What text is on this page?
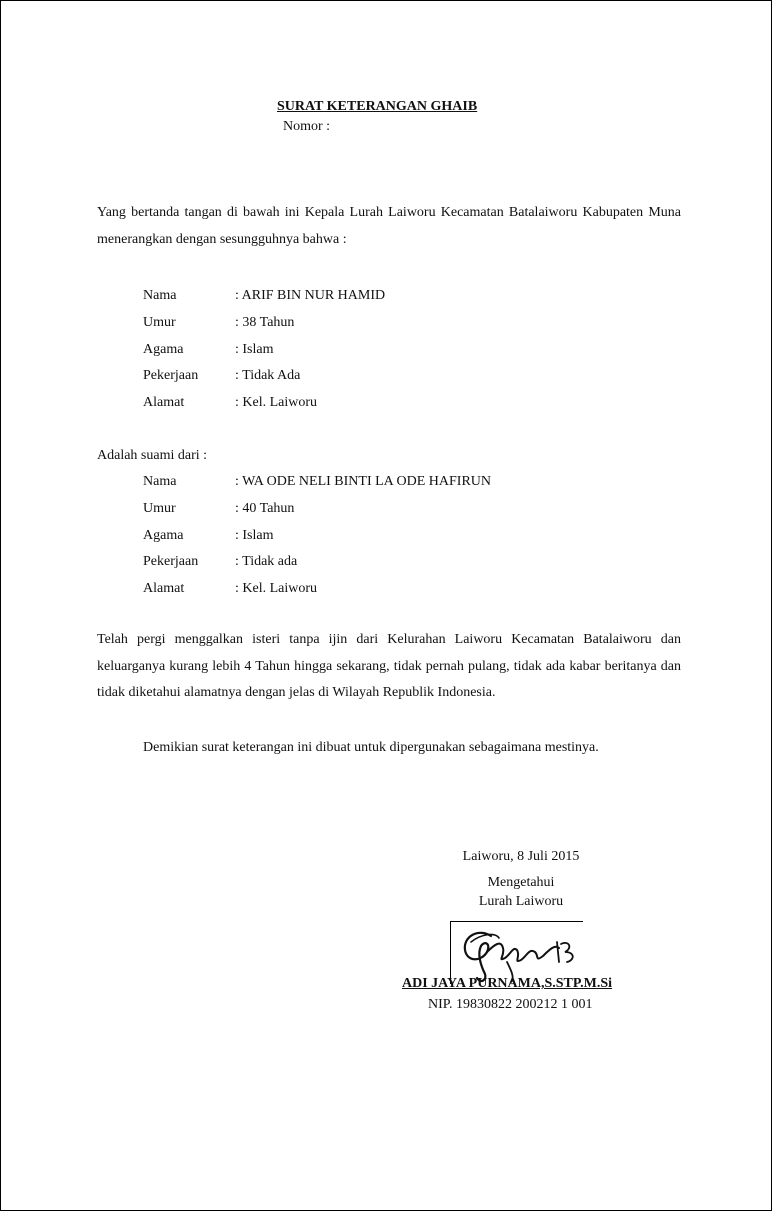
SURAT KETERANGAN GHAIB
Nomor :
Yang bertanda tangan di bawah ini Kepala Lurah Laiworu Kecamatan Batalaiworu Kabupaten Muna menerangkan dengan sesungguhnya bahwa :
Nama	: ARIF BIN NUR HAMID
Umur	: 38 Tahun
Agama	: Islam
Pekerjaan	: Tidak Ada
Alamat	: Kel. Laiworu
Adalah suami dari :
Nama	: WA ODE NELI BINTI LA ODE HAFIRUN
Umur	: 40 Tahun
Agama	: Islam
Pekerjaan	: Tidak ada
Alamat	: Kel. Laiworu
Telah pergi menggalkan isteri tanpa ijin dari Kelurahan Laiworu Kecamatan Batalaiworu dan keluarganya kurang lebih 4 Tahun hingga sekarang, tidak pernah pulang, tidak ada kabar beritanya dan tidak diketahui alamatnya dengan jelas di Wilayah Republik Indonesia.
Demikian surat keterangan ini dibuat untuk dipergunakan sebagaimana mestinya.
Laiworu, 8 Juli 2015
Mengetahui
Lurah Laiworu
ADI JAYA PURNAMA,S.STP.M.Si
NIP. 19830822 200212 1 001
